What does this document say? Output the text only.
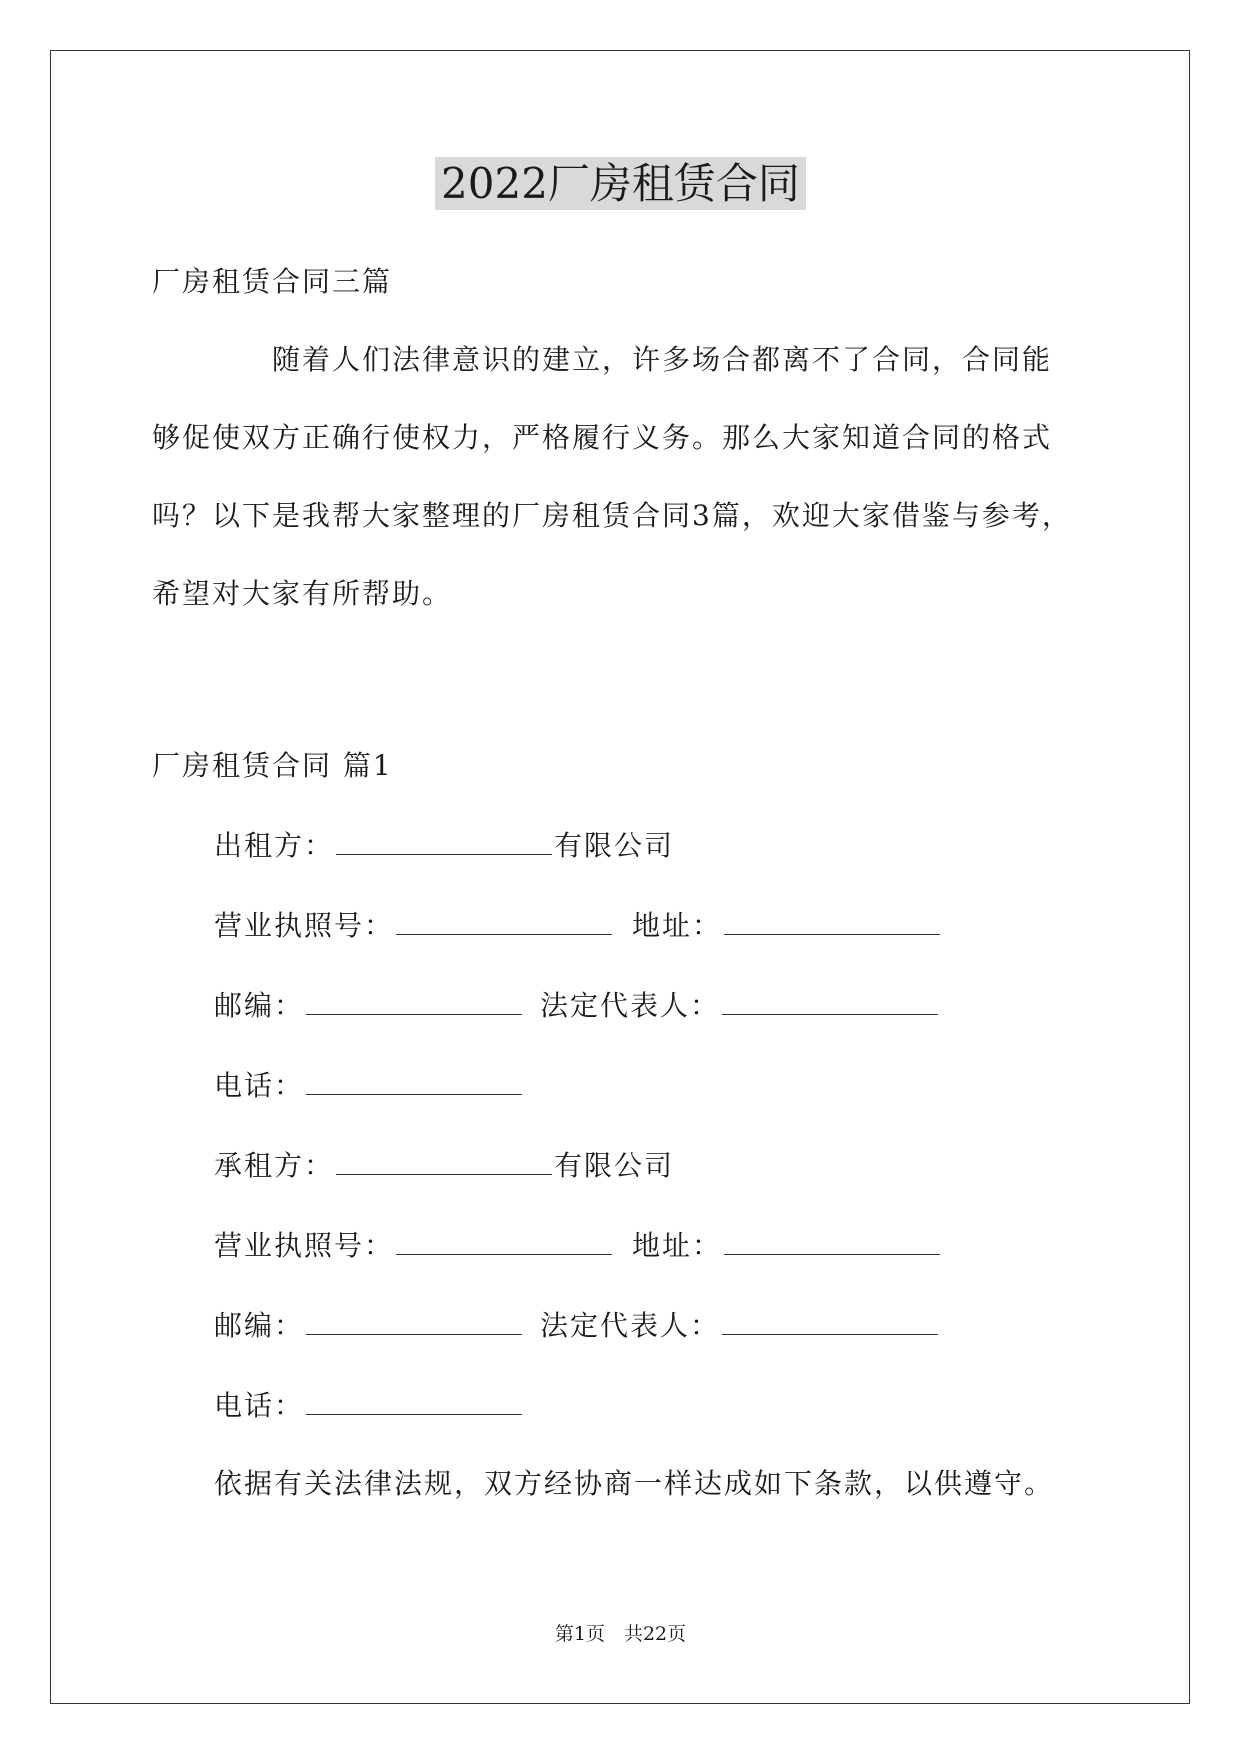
2022厂房租赁合同
厂房租赁合同三篇
随着人们法律意识的建立，许多场合都离不了合同，合同能
够促使双方正确行使权力，严格履行义务。那么大家知道合同的格式
吗？以下是我帮大家整理的厂房租赁合同3篇，欢迎大家借鉴与参考，
希望对大家有所帮助。
厂房租赁合同 篇1
出租方：	有限公司
营业执照号：	地址：
邮编：	法定代表人：
电话：
承租方：	有限公司
营业执照号：	地址：
邮编：	法定代表人：
电话：
依据有关法律法规，双方经协商一样达成如下条款，以供遵守。
第1页　共22页
